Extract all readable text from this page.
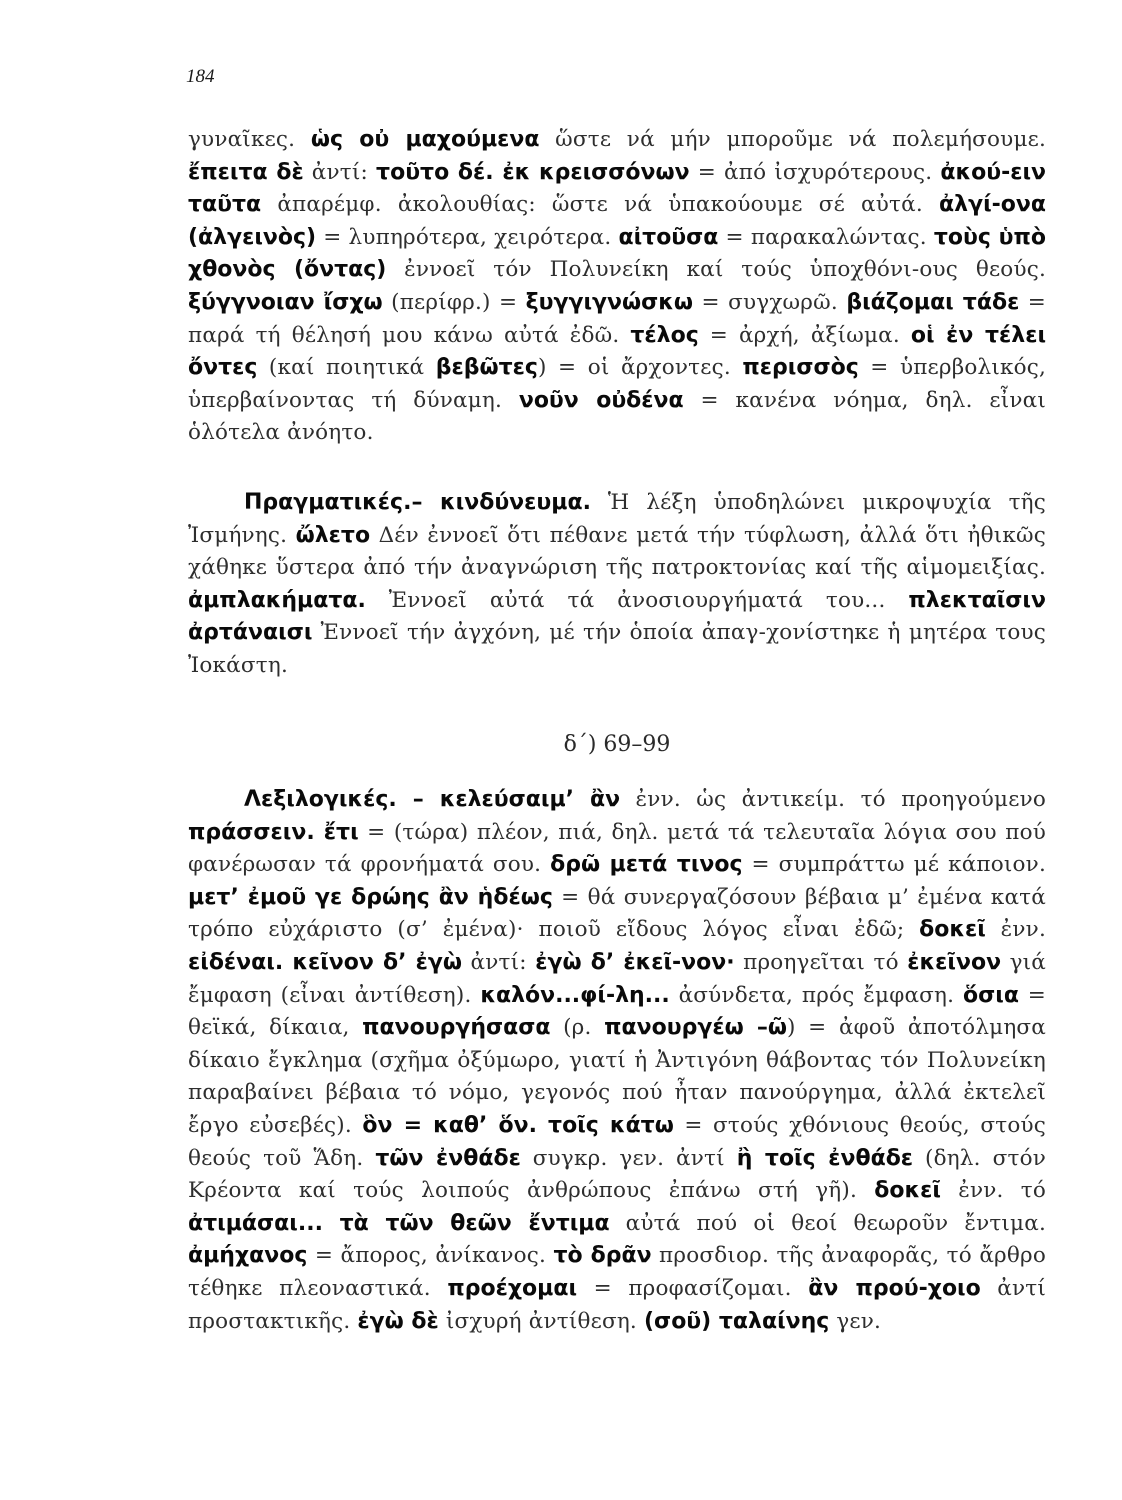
184

γυναῖκες. ὡς οὐ μαχούμενα ὥστε νά μήν μποροῦμε νά πολεμήσουμε. ἔπειτα δὲ ἀντί: τοῦτο δέ. ἐκ κρεισσόνων = ἀπό ἰσχυρότερους. ἀκού-ειν ταῦτα ἀπαρέμφ. ἀκολουθίας: ὥστε νά ὑπακούουμε σέ αὐτά. ἀλγί-ονα (ἀλγεινὸς) = λυπηρότερα, χειρότερα. αἰτοῦσα = παρακαλώντας. τοὺς ὑπὸ χθονὸς (ὄντας) ἐννοεῖ τόν Πολυνείκη καί τούς ὑποχθόνι-ους θεούς. ξύγγνοιαν ἴσχω (περίφρ.) = ξυγγιγνώσκω = συγχωρῶ. βιάζομαι τάδε = παρά τή θέλησή μου κάνω αὐτά ἐδῶ. τέλος = ἀρχή, ἀξίωμα. οἱ ἐν τέλει ὄντες (καί ποιητικά βεβῶτες) = οἱ ἄρχοντες. περισσὸς = ὑπερβολικός, ὑπερβαίνοντας τή δύναμη. νοῦν οὐδένα = κανένα νόημα, δηλ. εἶναι ὁλότελα ἀνόητο.

Πραγματικές.– κινδύνευμα. Ἡ λέξη ὑποδηλώνει μικροψυχία τῆς Ἰσμήνης. ὤλετο Δέν ἐννοεῖ ὅτι πέθανε μετά τήν τύφλωση, ἀλλά ὅτι ἠθικῶς χάθηκε ὕστερα ἀπό τήν ἀναγνώριση τῆς πατροκτονίας καί τῆς αἱμομειξίας. ἀμπλακήματα. Ἐννοεῖ αὐτά τά ἀνοσιουργήματά του... πλεκταῖσιν ἀρτάναισι Ἐννοεῖ τήν ἀγχόνη, μέ τήν ὁποία ἀπαγ-χονίστηκε ἡ μητέρα τους Ἰοκάστη.

δ΄) 69–99

Λεξιλογικές. – κελεύσαιμ’ ἂν ἐνν. ὡς ἀντικείμ. τό προηγούμενο πράσσειν. ἔτι = (τώρα) πλέον, πιά, δηλ. μετά τά τελευταῖα λόγια σου πού φανέρωσαν τά φρονήματά σου. δρῶ μετά τινος = συμπράττω μέ κάποιον. μετ’ ἐμοῦ γε δρώης ἂν ἡδέως = θά συνεργαζόσουν βέβαια μ’ ἐμένα κατά τρόπο εὐχάριστο (σ’ ἐμένα)· ποιοῦ εἴδους λόγος εἶναι ἐδῶ; δοκεῖ ἐνν. εἰδέναι. κεῖνον δ’ ἐγὼ ἀντί: ἐγὼ δ’ ἐκεῖ-νον· προηγεῖται τό ἐκεῖνον γιά ἔμφαση (εἶναι ἀντίθεση). καλόν...φί-λη... ἀσύνδετα, πρός ἔμφαση. ὅσια = θεϊκά, δίκαια, πανουργήσασα (ρ. πανουργέω –ῶ) = ἀφοῦ ἀποτόλμησα δίκαιο ἔγκλημα (σχῆμα ὀξύμωρο, γιατί ἡ Ἀντιγόνη θάβοντας τόν Πολυνείκη παραβαίνει βέβαια τό νόμο, γεγονός πού ἦταν πανούργημα, ἀλλά ἐκτελεῖ ἔργο εὐσεβές). ὃν = καθ’ ὅν. τοῖς κάτω = στούς χθόνιους θεούς, στούς θεούς τοῦ Ἅδη. τῶν ἐνθάδε συγκρ. γεν. ἀντί ἢ τοῖς ἐνθάδε (δηλ. στόν Κρέοντα καί τούς λοιπούς ἀνθρώπους ἐπάνω στή γῆ). δοκεῖ ἐνν. τό ἀτιμάσαι... τὰ τῶν θεῶν ἔντιμα αὐτά πού οἱ θεοί θεωροῦν ἔντιμα. ἀμήχανος = ἄπορος, ἀνίκανος. τὸ δρᾶν προσδιορ. τῆς ἀναφορᾶς, τό ἄρθρο τέθηκε πλεοναστικά. προέχομαι = προφασίζομαι. ἂν πρού-χοιο ἀντί προστακτικῆς. ἐγὼ δὲ ἰσχυρή ἀντίθεση. (σοῦ) ταλαίνης γεν.
